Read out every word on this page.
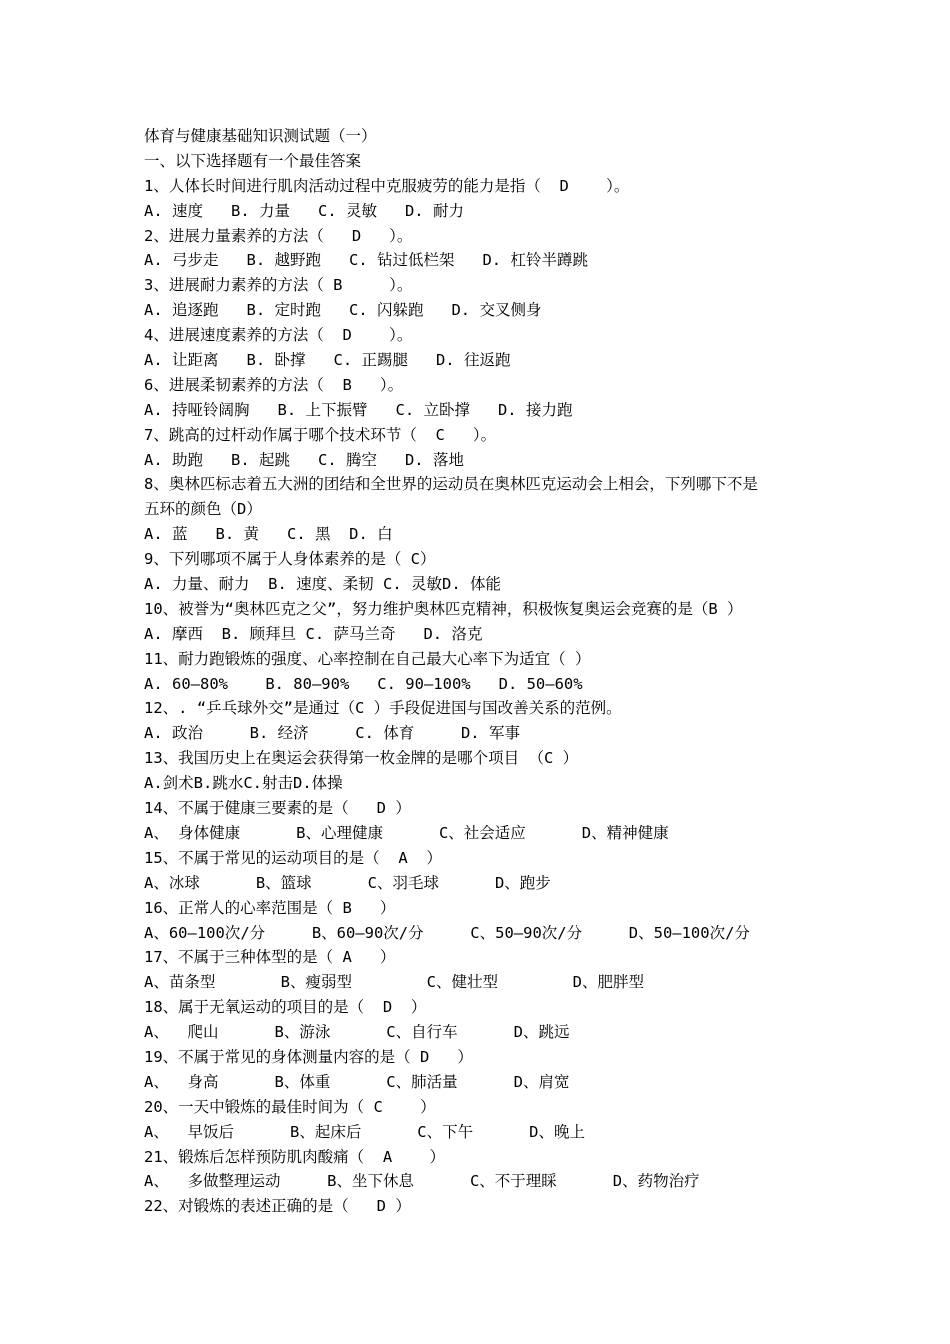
体育与健康基础知识测试题（一）
一、以下选择题有一个最佳答案
1、人体长时间进行肌肉活动过程中克服疲劳的能力是指（  D    ）。
A. 速度   B. 力量   C. 灵敏   D. 耐力
2、进展力量素养的方法（   D   ）。
A. 弓步走   B. 越野跑   C. 钻过低栏架   D. 杠铃半蹲跳
3、进展耐力素养的方法（ B     ）。
A. 追逐跑   B. 定时跑   C. 闪躲跑   D. 交叉侧身
4、进展速度素养的方法（  D    ）。
A. 让距离   B. 卧撑   C. 正踢腿   D. 往返跑
6、进展柔韧素养的方法（  B   ）。
A. 持哑铃阔胸   B. 上下振臂   C. 立卧撑   D. 接力跑
7、跳高的过杆动作属于哪个技术环节（  C   ）。
A. 助跑   B. 起跳   C. 腾空   D. 落地
8、奥林匹标志着五大洲的团结和全世界的运动员在奥林匹克运动会上相会，下列哪下不是
五环的颜色（D）
A. 蓝   B. 黄   C. 黑  D. 白
9、下列哪项不属于人身体素养的是（ C）
A. 力量、耐力  B. 速度、柔韧 C. 灵敏D. 体能
10、被誉为“奥林匹克之父”，努力维护奥林匹克精神，积极恢复奥运会竞赛的是（B ）
A. 摩西  B. 顾拜旦 C. 萨马兰奇   D. 洛克
11、耐力跑锻炼的强度、心率控制在自己最大心率下为适宜（ ）
A. 60—80%    B. 80—90%   C. 90—100%   D. 50—60%
12、. “乒乓球外交”是通过（C ）手段促进国与国改善关系的范例。
A. 政治     B. 经济     C. 体育     D. 军事
13、我国历史上在奥运会获得第一枚金牌的是哪个项目 （C ）
A.剑术B.跳水C.射击D.体操
14、不属于健康三要素的是（   D ）
A、 身体健康      B、心理健康      C、社会适应      D、精神健康
15、不属于常见的运动项目的是（  A  ）
A、冰球      B、篮球      C、羽毛球      D、跑步
16、正常人的心率范围是（ B   ）
A、60—100次/分     B、60—90次/分     C、50—90次/分     D、50—100次/分
17、不属于三种体型的是（ A   ）
A、苗条型       B、瘦弱型        C、健壮型        D、肥胖型
18、属于无氧运动的项目的是（  D  ）
A、  爬山      B、游泳      C、自行车      D、跳远
19、不属于常见的身体测量内容的是（ D   ）
A、  身高      B、体重      C、肺活量      D、肩宽
20、一天中锻炼的最佳时间为（ C    ）
A、  早饭后      B、起床后      C、下午      D、晚上
21、锻炼后怎样预防肌肉酸痛（  A    ）
A、  多做整理运动     B、坐下休息      C、不于理睬      D、药物治疗
22、对锻炼的表述正确的是（   D ）
